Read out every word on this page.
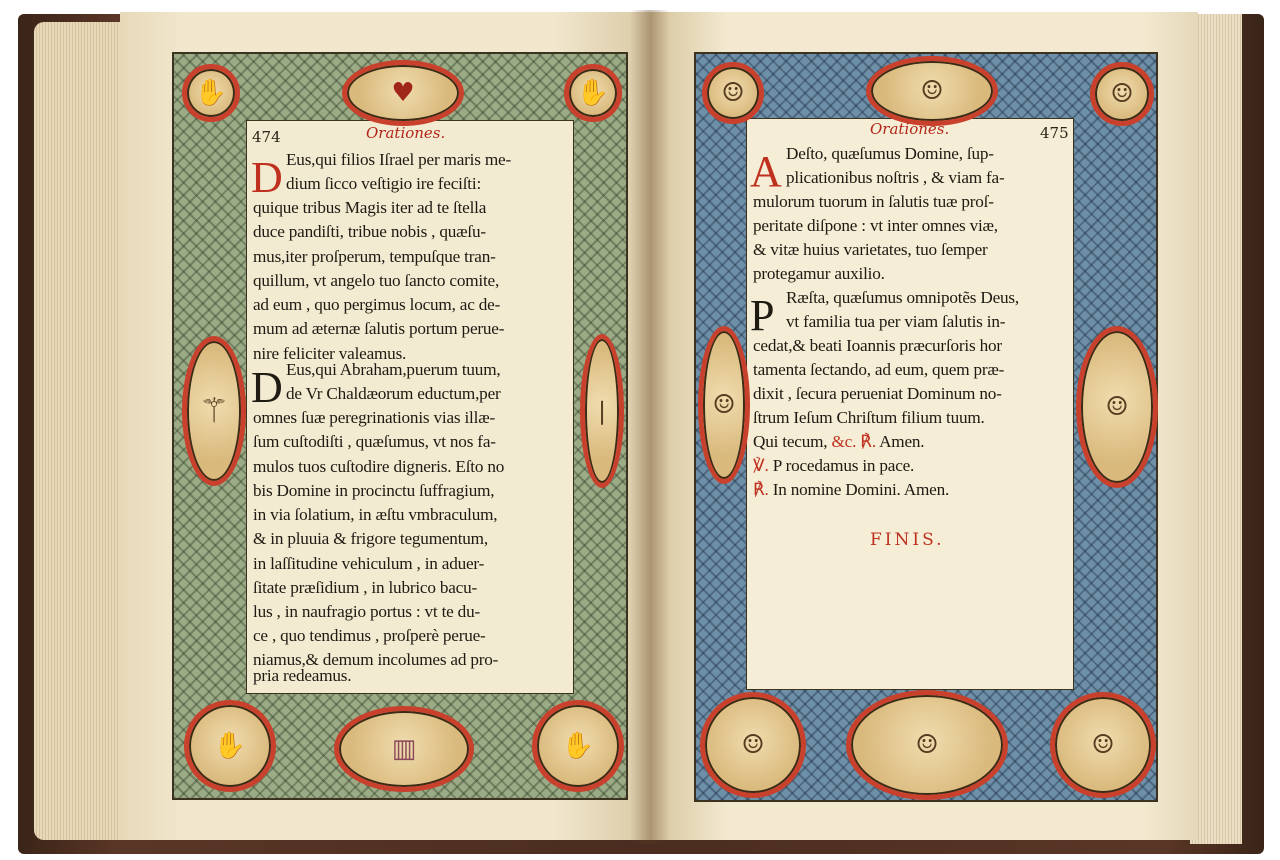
✋	♥	✋
⚚	❘
✋	▥	✋
474	Orationes.
D Eus,qui filios Iſrael per maris me-
dium ſicco veſtigio ire feciſti:
quique tribus Magis iter ad te ſtella
duce pandiſti, tribue nobis , quæſu-
mus,iter proſperum, tempuſque tran-
quillum, vt angelo tuo ſancto comite,
ad eum , quo pergimus locum, ac de-
mum ad æternæ ſalutis portum perue-
nire feliciter valeamus.
D Eus,qui Abraham,puerum tuum,
de Vr Chaldæorum eductum,per
omnes ſuæ peregrinationis vias illæ-
ſum cuſtodiſti , quæſumus, vt nos fa-
mulos tuos cuſtodire digneris. Eſto no
bis Domine in procinctu ſuffragium,
in via ſolatium, in æſtu vmbraculum,
& in pluuia & frigore tegumentum,
in laſſitudine vehiculum , in aduer-
ſitate præſidium , in lubrico bacu-
lus , in naufragio portus : vt te du-
ce , quo tendimus , proſperè perue-
niamus,& demum incolumes ad pro-
pria redeamus.
☺	☺	☺
☺	☺
☺	☺	☺
Orationes.	475
A Deſto, quæſumus Domine, ſup-
plicationibus noſtris , & viam fa-
mulorum tuorum in ſalutis tuæ proſ-
peritate diſpone : vt inter omnes viæ,
& vitæ huius varietates, tuo ſemper
protegamur auxilio.
P Ræſta, quæſumus omnipotẽs Deus,
vt familia tua per viam ſalutis in-
cedat,& beati Ioannis præcurſoris hor
tamenta ſectando, ad eum, quem præ-
dixit , ſecura perueniat Dominum no-
ſtrum Ieſum Chriſtum filium tuum.
Qui tecum, &c. ℟. Amen.
℣. P rocedamus in pace.
℟. In nomine Domini. Amen.
FINIS.
